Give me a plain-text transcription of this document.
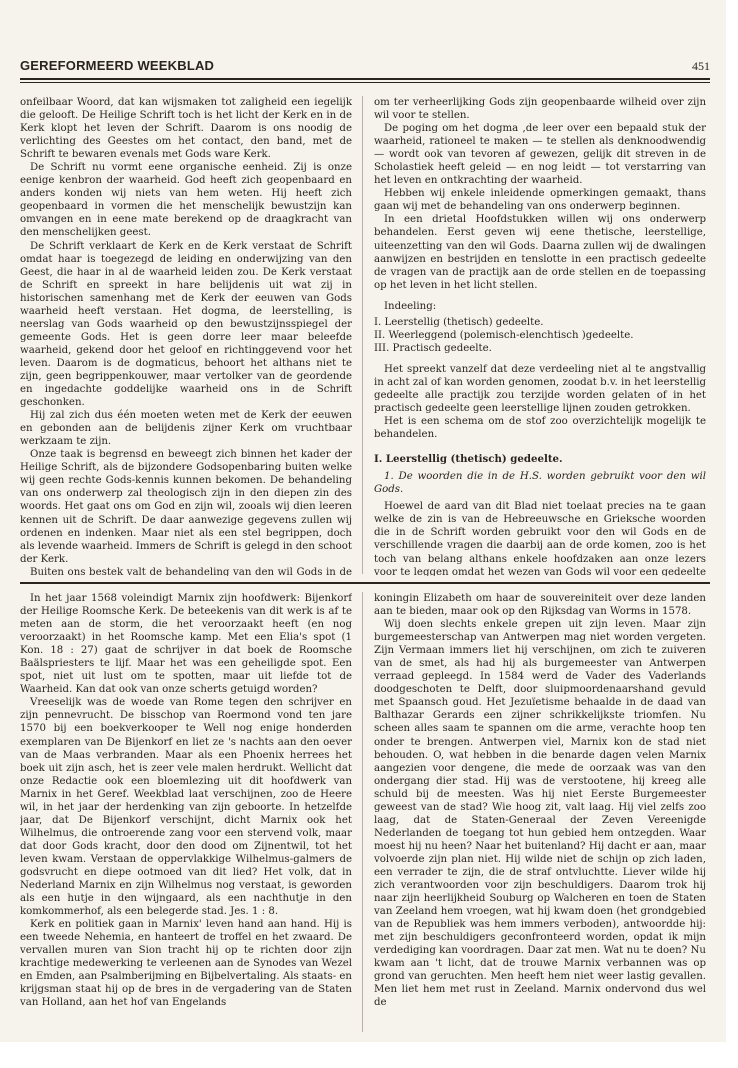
GEREFORMEERD WEEKBLAD	451

onfeilbaar Woord, dat kan wijsmaken tot zaligheid een iegelijk die gelooft. De Heilige Schrift toch is het licht der Kerk en in de Kerk klopt het leven der Schrift. Daarom is ons noodig de verlichting des Geestes om het contact, den band, met de Schrift te bewaren evenals met Gods ware Kerk.

De Schrift nu vormt eene organische eenheid. Zij is onze eenige kenbron der waarheid. God heeft zich geopenbaard en anders konden wij niets van hem weten. Hij heeft zich geopenbaard in vormen die het menschelijk bewustzijn kan omvangen en in eene mate berekend op de draagkracht van den menschelijken geest.

De Schrift verklaart de Kerk en de Kerk verstaat de Schrift omdat haar is toegezegd de leiding en onderwijzing van den Geest, die haar in al de waarheid leiden zou. De Kerk verstaat de Schrift en spreekt in hare belijdenis uit wat zij in historischen samenhang met de Kerk der eeuwen van Gods waarheid heeft verstaan. Het dogma, de leerstelling, is neerslag van Gods waarheid op den bewustzijnsspiegel der gemeente Gods. Het is geen dorre leer maar beleefde waarheid, gekend door het geloof en richtinggevend voor het leven. Daarom is de dogmaticus, behoort het althans niet te zijn, geen begrippenkouwer, maar vertolker van de geordende en ingedachte goddelijke waarheid ons in de Schrift geschonken.

Hij zal zich dus één moeten weten met de Kerk der eeuwen en gebonden aan de belijdenis zijner Kerk om vruchtbaar werkzaam te zijn.

Onze taak is begrensd en beweegt zich binnen het kader der Heilige Schrift, als de bijzondere Godsopenbaring buiten welke wij geen rechte Gods-kennis kunnen bekomen. De behandeling van ons onderwerp zal theologisch zijn in den diepen zin des woords. Het gaat ons om God en zijn wil, zooals wij dien leeren kennen uit de Schrift. De daar aanwezige gegevens zullen wij ordenen en indenken. Maar niet als een stel begrippen, doch als levende waarheid. Immers de Schrift is gelegd in den schoot der Kerk.

Buiten ons bestek valt de behandeling van den wil Gods in de

om ter verheerlijking Gods zijn geopenbaarde wilheid over zijn wil voor te stellen.

De poging om het dogma ,de leer over een bepaald stuk der waarheid, rationeel te maken — te stellen als denknoodwendig — wordt ook van tevoren af gewezen, gelijk dit streven in de Scholastiek heeft geleid — en nog leidt — tot verstarring van het leven en ontkrachting der waarheid.

Hebben wij enkele inleidende opmerkingen gemaakt, thans gaan wij met de behandeling van ons onderwerp beginnen.

In een drietal Hoofdstukken willen wij ons onderwerp behandelen. Eerst geven wij eene thetische, leerstellige, uiteenzetting van den wil Gods. Daarna zullen wij de dwalingen aanwijzen en bestrijden en tenslotte in een practisch gedeelte de vragen van de practijk aan de orde stellen en de toepassing op het leven in het licht stellen.

Indeeling:

I. Leerstellig (thetisch) gedeelte.
II. Weerleggend (polemisch-elenchtisch )gedeelte.
III. Practisch gedeelte.

Het spreekt vanzelf dat deze verdeeling niet al te angstvallig in acht zal of kan worden genomen, zoodat b.v. in het leerstellig gedeelte alle practijk zou terzijde worden gelaten of in het practisch gedeelte geen leerstellige lijnen zouden getrokken.

Het is een schema om de stof zoo overzichtelijk mogelijk te behandelen.

I. Leerstellig (thetisch) gedeelte.

1. De woorden die in de H.S. worden gebruikt voor den wil Gods.

Hoewel de aard van dit Blad niet toelaat precies na te gaan welke de zin is van de Hebreeuwsche en Grieksche woorden die in de Schrift worden gebruikt voor den wil Gods en de verschillende vragen die daarbij aan de orde komen, zoo is het toch van belang althans enkele hoofdzaken aan onze lezers voor te leggen omdat het wezen van Gods wil voor een gedeelte

In het jaar 1568 voleindigt Marnix zijn hoofdwerk: Bijenkorf der Heilige Roomsche Kerk. De beteekenis van dit werk is af te meten aan de storm, die het veroorzaakt heeft (en nog veroorzaakt) in het Roomsche kamp. Met een Elia's spot (1 Kon. 18 : 27) gaat de schrijver in dat boek de Roomsche Baälspriesters te lijf. Maar het was een geheiligde spot. Een spot, niet uit lust om te spotten, maar uit liefde tot de Waarheid. Kan dat ook van onze scherts getuigd worden?

Vreeselijk was de woede van Rome tegen den schrijver en zijn pennevrucht. De bisschop van Roermond vond ten jare 1570 bij een boekverkooper te Well nog enige honderden exemplaren van De Bijenkorf en liet ze 's nachts aan den oever van de Maas verbranden. Maar als een Phoenix herrees het boek uit zijn asch, het is zeer vele malen herdrukt. Wellicht dat onze Redactie ook een bloemlezing uit dit hoofdwerk van Marnix in het Geref. Weekblad laat verschijnen, zoo de Heere wil, in het jaar der herdenking van zijn geboorte. In hetzelfde jaar, dat De Bijenkorf verschijnt, dicht Marnix ook het Wilhelmus, die ontroerende zang voor een stervend volk, maar dat door Gods kracht, door den dood om Zijnentwil, tot het leven kwam. Verstaan de oppervlakkige Wilhelmus-galmers de godsvrucht en diepe ootmoed van dit lied? Het volk, dat in Nederland Marnix en zijn Wilhelmus nog verstaat, is geworden als een hutje in den wijngaard, als een nachthutje in den komkommerhof, als een belegerde stad. Jes. 1 : 8.

Kerk en politiek gaan in Marnix' leven hand aan hand. Hij is een tweede Nehemia, en hanteert de troffel en het zwaard. De vervallen muren van Sion tracht hij op te richten door zijn krachtige medewerking te verleenen aan de Synodes van Wezel en Emden, aan Psalmberijming en Bijbelvertaling. Als staats- en krijgsman staat hij op de bres in de vergadering van de Staten van Holland, aan het hof van Engelands

koningin Elizabeth om haar de souvereiniteit over deze landen aan te bieden, maar ook op den Rijksdag van Worms in 1578.

Wij doen slechts enkele grepen uit zijn leven. Maar zijn burgemeesterschap van Antwerpen mag niet worden vergeten. Zijn Vermaan immers liet hij verschijnen, om zich te zuiveren van de smet, als had hij als burgemeester van Antwerpen verraad gepleegd. In 1584 werd de Vader des Vaderlands doodgeschoten te Delft, door sluipmoordenaarshand gevuld met Spaansch goud. Het Jezuïetisme behaalde in de daad van Balthazar Gerards een zijner schrikkelijkste triomfen. Nu scheen alles saam te spannen om die arme, verachte hoop ten onder te brengen. Antwerpen viel, Marnix kon de stad niet behouden. O, wat hebben in die benarde dagen velen Marnix aangezien voor dengene, die mede de oorzaak was van den ondergang dier stad. Hij was de verstootene, hij kreeg alle schuld bij de meesten. Was hij niet Eerste Burgemeester geweest van de stad? Wie hoog zit, valt laag. Hij viel zelfs zoo laag, dat de Staten-Generaal der Zeven Vereenigde Nederlanden de toegang tot hun gebied hem ontzegden. Waar moest hij nu heen? Naar het buitenland? Hij dacht er aan, maar volvoerde zijn plan niet. Hij wilde niet de schijn op zich laden, een verrader te zijn, die de straf ontvluchtte. Liever wilde hij zich verantwoorden voor zijn beschuldigers. Daarom trok hij naar zijn heerlijkheid Souburg op Walcheren en toen de Staten van Zeeland hem vroegen, wat hij kwam doen (het grondgebied van de Republiek was hem immers verboden), antwoordde hij: met zijn beschuldigers geconfronteerd worden, opdat ik mijn verdediging kan voordragen. Daar zat men. Wat nu te doen? Nu kwam aan 't licht, dat de trouwe Marnix verbannen was op grond van geruchten. Men heeft hem niet weer lastig gevallen. Men liet hem met rust in Zeeland. Marnix ondervond dus wel de
